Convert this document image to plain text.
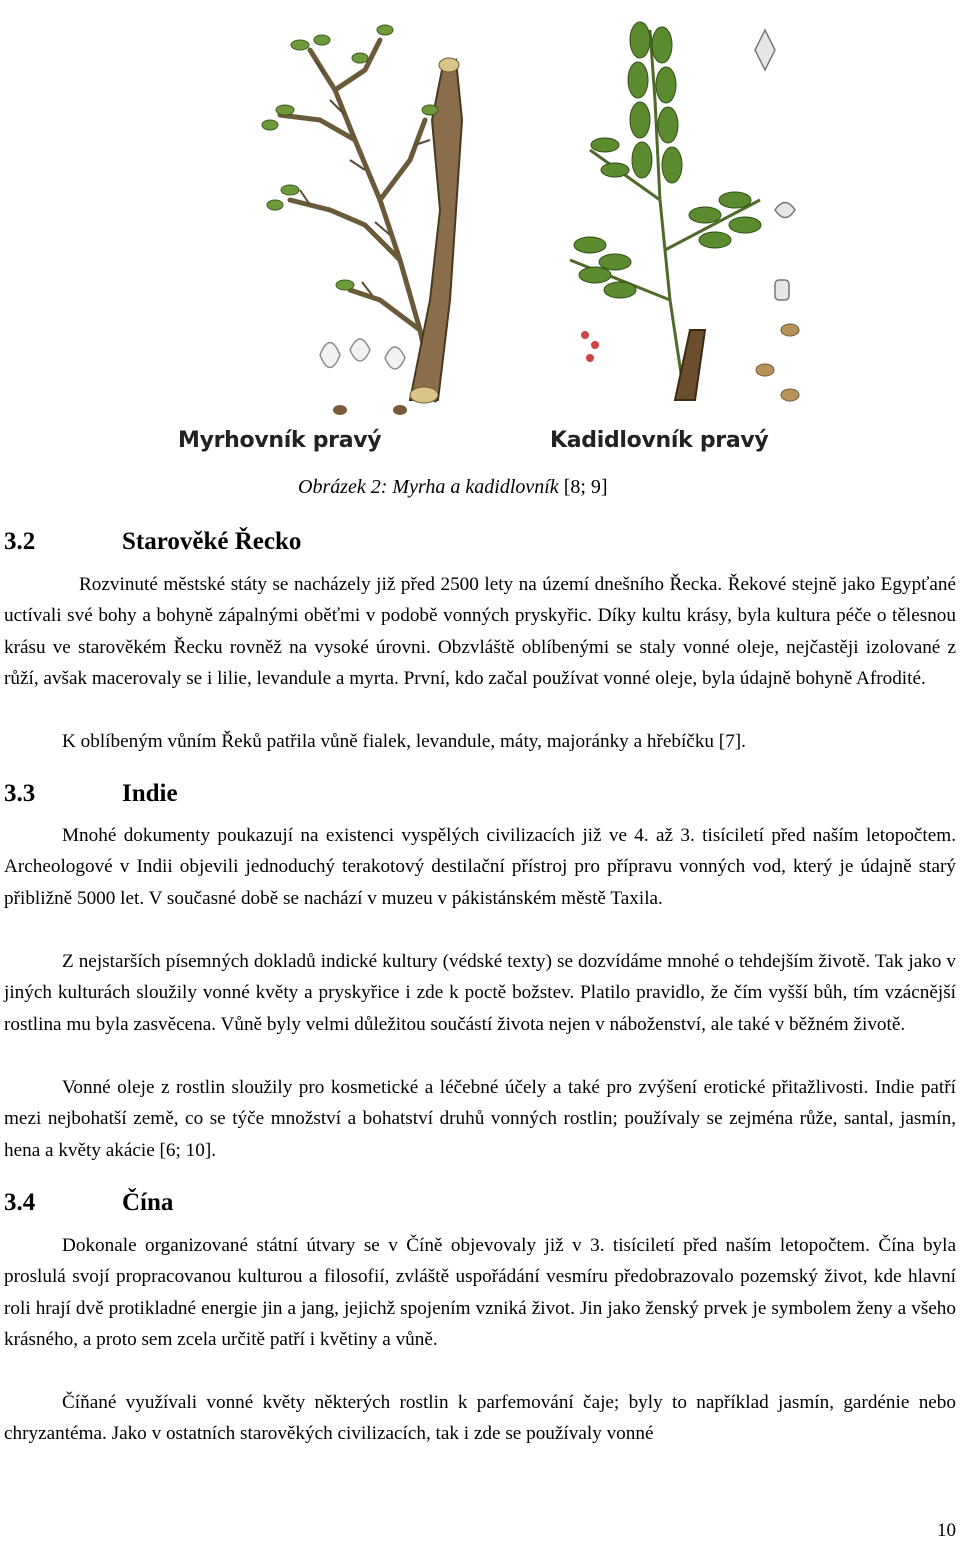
Myrhovník pravý	Kadidlovník pravý
Obrázek 2: Myrha a kadidlovník [8; 9]
3.2	Starověké Řecko
Rozvinuté městské státy se nacházely již před 2500 lety na území dnešního Řecka. Řekové stejně jako Egypťané uctívali své bohy a bohyně zápalnými oběťmi v podobě vonných pryskyřic. Díky kultu krásy, byla kultura péče o tělesnou krásu ve starověkém Řecku rovněž na vysoké úrovni. Obzvláště oblíbenými se staly vonné oleje, nejčastěji izolované z růží, avšak macerovaly se i lilie, levandule a myrta. První, kdo začal používat vonné oleje, byla údajně bohyně Afrodité.
K oblíbeným vůním Řeků patřila vůně fialek, levandule, máty, majoránky a hřebíčku [7].
3.3	Indie
Mnohé dokumenty poukazují na existenci vyspělých civilizacích již ve 4. až 3. tisíciletí před naším letopočtem. Archeologové v Indii objevili jednoduchý terakotový destilační přístroj pro přípravu vonných vod, který je údajně starý přibližně 5000 let. V současné době se nachází v muzeu v pákistánském městě Taxila.
Z nejstarších písemných dokladů indické kultury (védské texty) se dozvídáme mnohé o tehdejším životě. Tak jako v jiných kulturách sloužily vonné květy a pryskyřice i zde k poctě božstev. Platilo pravidlo, že čím vyšší bůh, tím vzácnější rostlina mu byla zasvěcena. Vůně byly velmi důležitou součástí života nejen v náboženství, ale také v běžném životě.
Vonné oleje z rostlin sloužily pro kosmetické a léčebné účely a také pro zvýšení erotické přitažlivosti. Indie patří mezi nejbohatší země, co se týče množství a bohatství druhů vonných rostlin; používaly se zejména růže, santal, jasmín, hena a květy akácie [6; 10].
3.4	Čína
Dokonale organizované státní útvary se v Číně objevovaly již v 3. tisíciletí před naším letopočtem. Čína byla proslulá svojí propracovanou kulturou a filosofií, zvláště uspořádání vesmíru předobrazovalo pozemský život, kde hlavní roli hrají dvě protikladné energie jin a jang, jejichž spojením vzniká život. Jin jako ženský prvek je symbolem ženy a všeho krásného, a proto sem zcela určitě patří i květiny a vůně.
Číňané využívali vonné květy některých rostlin k parfemování čaje; byly to například jasmín, gardénie nebo chryzantéma. Jako v ostatních starověkých civilizacích, tak i zde se používaly vonné
10
